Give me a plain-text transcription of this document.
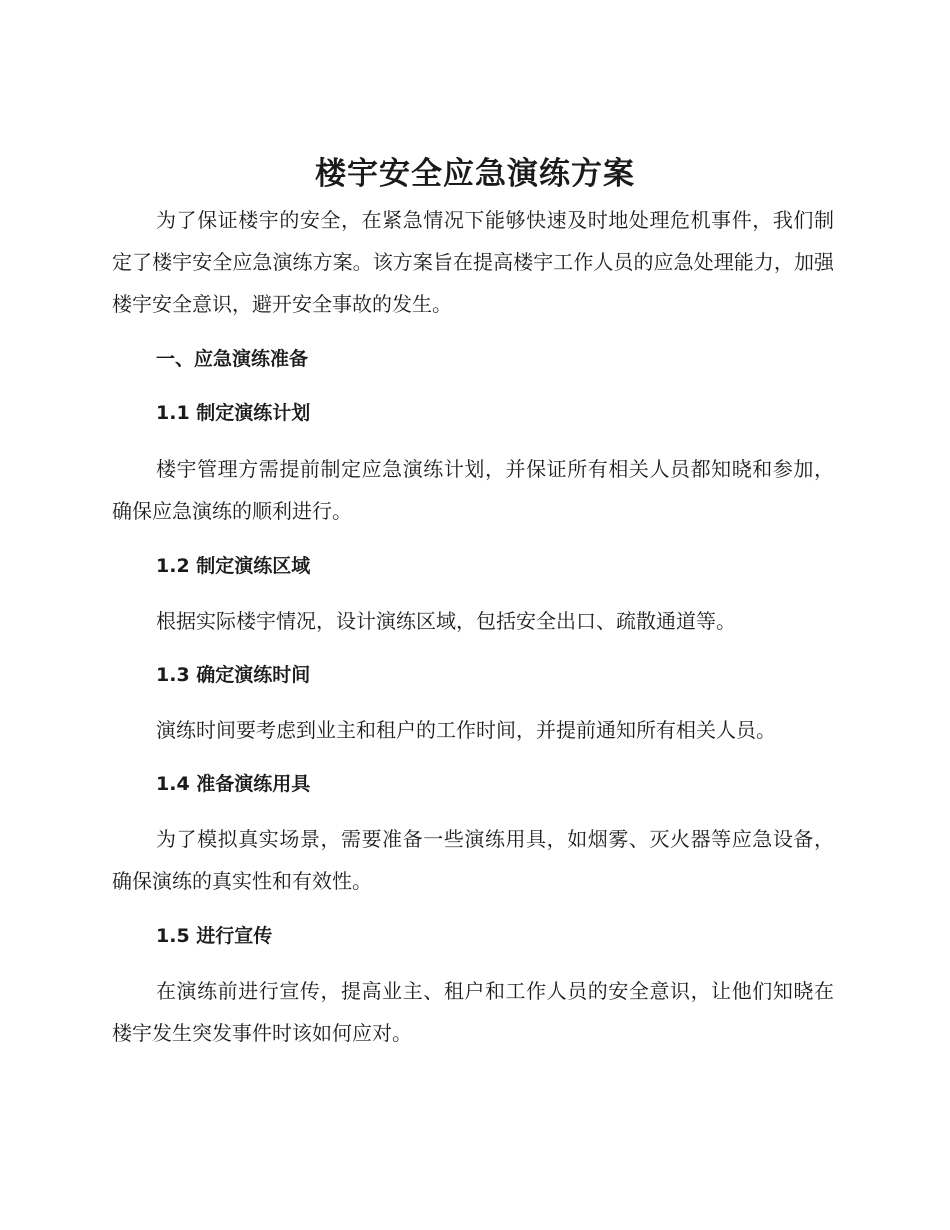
楼宇安全应急演练方案

为了保证楼宇的安全，在紧急情况下能够快速及时地处理危机事件，我们制定了楼宇安全应急演练方案。该方案旨在提高楼宇工作人员的应急处理能力，加强楼宇安全意识，避开安全事故的发生。

一、应急演练准备
1.1 制定演练计划

楼宇管理方需提前制定应急演练计划，并保证所有相关人员都知晓和参加，确保应急演练的顺利进行。

1.2 制定演练区域

根据实际楼宇情况，设计演练区域，包括安全出口、疏散通道等。

1.3 确定演练时间

演练时间要考虑到业主和租户的工作时间，并提前通知所有相关人员。

1.4 准备演练用具

为了模拟真实场景，需要准备一些演练用具，如烟雾、灭火器等应急设备，确保演练的真实性和有效性。

1.5 进行宣传

在演练前进行宣传，提高业主、租户和工作人员的安全意识，让他们知晓在楼宇发生突发事件时该如何应对。
